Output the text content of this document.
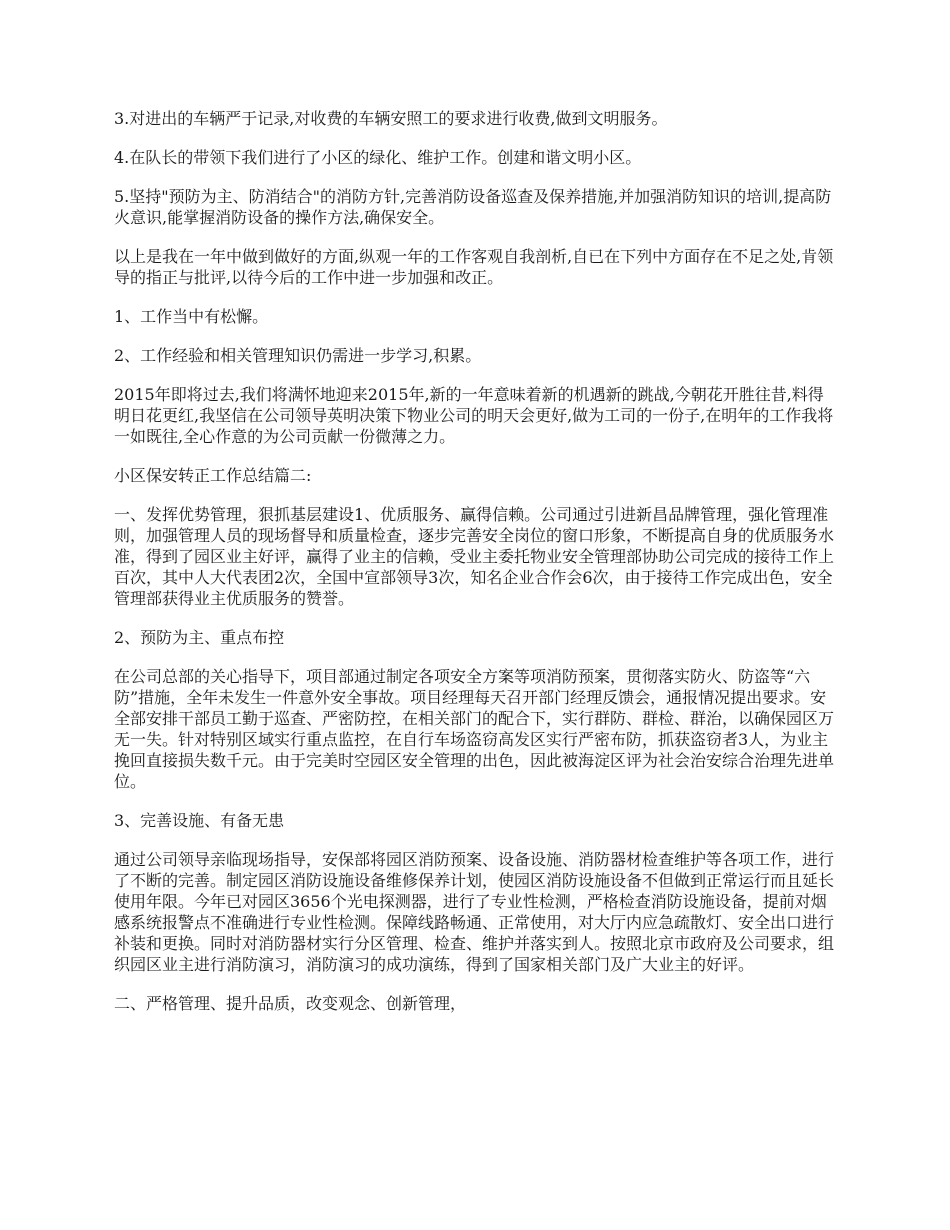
3.对进出的车辆严于记录,对收费的车辆安照工的要求进行收费,做到文明服务。

4.在队长的带领下我们进行了小区的绿化、维护工作。创建和谐文明小区。

5.坚持"预防为主、防消结合"的消防方针,完善消防设备巡查及保养措施,并加强消防知识的培训,提高防火意识,能掌握消防设备的操作方法,确保安全。

以上是我在一年中做到做好的方面,纵观一年的工作客观自我剖析,自已在下列中方面存在不足之处,肯领导的指正与批评,以待今后的工作中进一步加强和改正。

1、工作当中有松懈。

2、工作经验和相关管理知识仍需进一步学习,积累。

2015年即将过去,我们将满怀地迎来2015年,新的一年意味着新的机遇新的跳战,今朝花开胜往昔,料得明日花更红,我坚信在公司领导英明决策下物业公司的明天会更好,做为工司的一份子,在明年的工作我将一如既往,全心作意的为公司贡献一份微薄之力。

小区保安转正工作总结篇二:

一、发挥优势管理，狠抓基层建设1、优质服务、赢得信赖。公司通过引进新昌品牌管理，强化管理准则，加强管理人员的现场督导和质量检查，逐步完善安全岗位的窗口形象，不断提高自身的优质服务水准，得到了园区业主好评，赢得了业主的信赖，受业主委托物业安全管理部协助公司完成的接待工作上百次，其中人大代表团2次，全国中宣部领导3次，知名企业合作会6次，由于接待工作完成出色，安全管理部获得业主优质服务的赞誉。

2、预防为主、重点布控

在公司总部的关心指导下，项目部通过制定各项安全方案等项消防预案，贯彻落实防火、防盗等“六防”措施，全年未发生一件意外安全事故。项目经理每天召开部门经理反馈会，通报情况提出要求。安全部安排干部员工勤于巡查、严密防控，在相关部门的配合下，实行群防、群检、群治，以确保园区万无一失。针对特别区域实行重点监控，在自行车场盗窃高发区实行严密布防，抓获盗窃者3人，为业主挽回直接损失数千元。由于完美时空园区安全管理的出色，因此被海淀区评为社会治安综合治理先进单位。

3、完善设施、有备无患

通过公司领导亲临现场指导，安保部将园区消防预案、设备设施、消防器材检查维护等各项工作，进行了不断的完善。制定园区消防设施设备维修保养计划，使园区消防设施设备不但做到正常运行而且延长使用年限。今年已对园区3656个光电探测器，进行了专业性检测，严格检查消防设施设备，提前对烟感系统报警点不准确进行专业性检测。保障线路畅通、正常使用，对大厅内应急疏散灯、安全出口进行补装和更换。同时对消防器材实行分区管理、检查、维护并落实到人。按照北京市政府及公司要求，组织园区业主进行消防演习，消防演习的成功演练，得到了国家相关部门及广大业主的好评。

二、严格管理、提升品质，改变观念、创新管理，
